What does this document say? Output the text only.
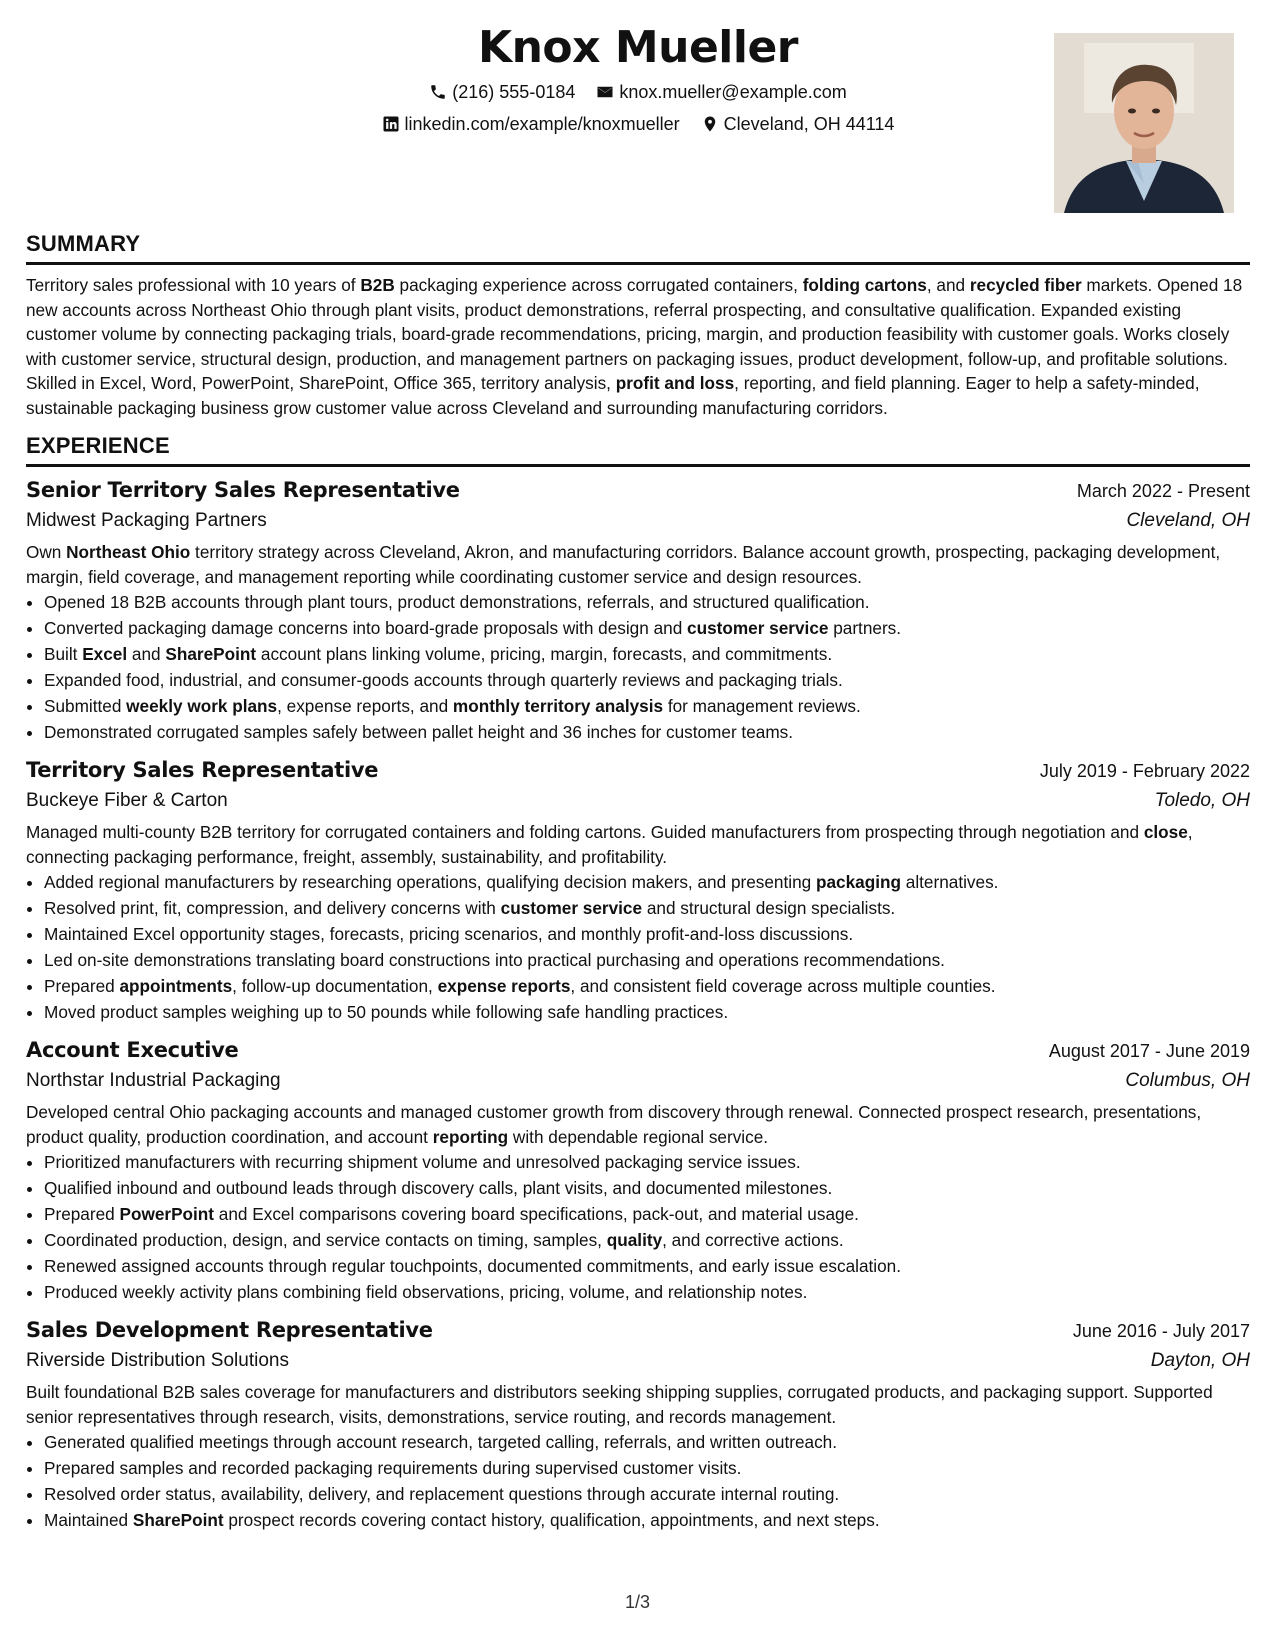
Knox Mueller
(216) 555-0184
knox.mueller@example.com
linkedin.com/example/knoxmueller
Cleveland, OH 44114
SUMMARY
Territory sales professional with 10 years of B2B packaging experience across corrugated containers, folding cartons, and recycled fiber markets. Opened 18 new accounts across Northeast Ohio through plant visits, product demonstrations, referral prospecting, and consultative qualification. Expanded existing customer volume by connecting packaging trials, board-grade recommendations, pricing, margin, and production feasibility with customer goals. Works closely with customer service, structural design, production, and management partners on packaging issues, product development, follow-up, and profitable solutions. Skilled in Excel, Word, PowerPoint, SharePoint, Office 365, territory analysis, profit and loss, reporting, and field planning. Eager to help a safety-minded, sustainable packaging business grow customer value across Cleveland and surrounding manufacturing corridors.
EXPERIENCE
Senior Territory Sales Representative	March 2022 - Present
Midwest Packaging Partners	Cleveland, OH
Own Northeast Ohio territory strategy across Cleveland, Akron, and manufacturing corridors. Balance account growth, prospecting, packaging development, margin, field coverage, and management reporting while coordinating customer service and design resources.
• Opened 18 B2B accounts through plant tours, product demonstrations, referrals, and structured qualification.
• Converted packaging damage concerns into board-grade proposals with design and customer service partners.
• Built Excel and SharePoint account plans linking volume, pricing, margin, forecasts, and commitments.
• Expanded food, industrial, and consumer-goods accounts through quarterly reviews and packaging trials.
• Submitted weekly work plans, expense reports, and monthly territory analysis for management reviews.
• Demonstrated corrugated samples safely between pallet height and 36 inches for customer teams.
Territory Sales Representative	July 2019 - February 2022
Buckeye Fiber & Carton	Toledo, OH
Managed multi-county B2B territory for corrugated containers and folding cartons. Guided manufacturers from prospecting through negotiation and close, connecting packaging performance, freight, assembly, sustainability, and profitability.
• Added regional manufacturers by researching operations, qualifying decision makers, and presenting packaging alternatives.
• Resolved print, fit, compression, and delivery concerns with customer service and structural design specialists.
• Maintained Excel opportunity stages, forecasts, pricing scenarios, and monthly profit-and-loss discussions.
• Led on-site demonstrations translating board constructions into practical purchasing and operations recommendations.
• Prepared appointments, follow-up documentation, expense reports, and consistent field coverage across multiple counties.
• Moved product samples weighing up to 50 pounds while following safe handling practices.
Account Executive	August 2017 - June 2019
Northstar Industrial Packaging	Columbus, OH
Developed central Ohio packaging accounts and managed customer growth from discovery through renewal. Connected prospect research, presentations, product quality, production coordination, and account reporting with dependable regional service.
• Prioritized manufacturers with recurring shipment volume and unresolved packaging service issues.
• Qualified inbound and outbound leads through discovery calls, plant visits, and documented milestones.
• Prepared PowerPoint and Excel comparisons covering board specifications, pack-out, and material usage.
• Coordinated production, design, and service contacts on timing, samples, quality, and corrective actions.
• Renewed assigned accounts through regular touchpoints, documented commitments, and early issue escalation.
• Produced weekly activity plans combining field observations, pricing, volume, and relationship notes.
Sales Development Representative	June 2016 - July 2017
Riverside Distribution Solutions	Dayton, OH
Built foundational B2B sales coverage for manufacturers and distributors seeking shipping supplies, corrugated products, and packaging support. Supported senior representatives through research, visits, demonstrations, service routing, and records management.
• Generated qualified meetings through account research, targeted calling, referrals, and written outreach.
• Prepared samples and recorded packaging requirements during supervised customer visits.
• Resolved order status, availability, delivery, and replacement questions through accurate internal routing.
• Maintained SharePoint prospect records covering contact history, qualification, appointments, and next steps.
1/3
